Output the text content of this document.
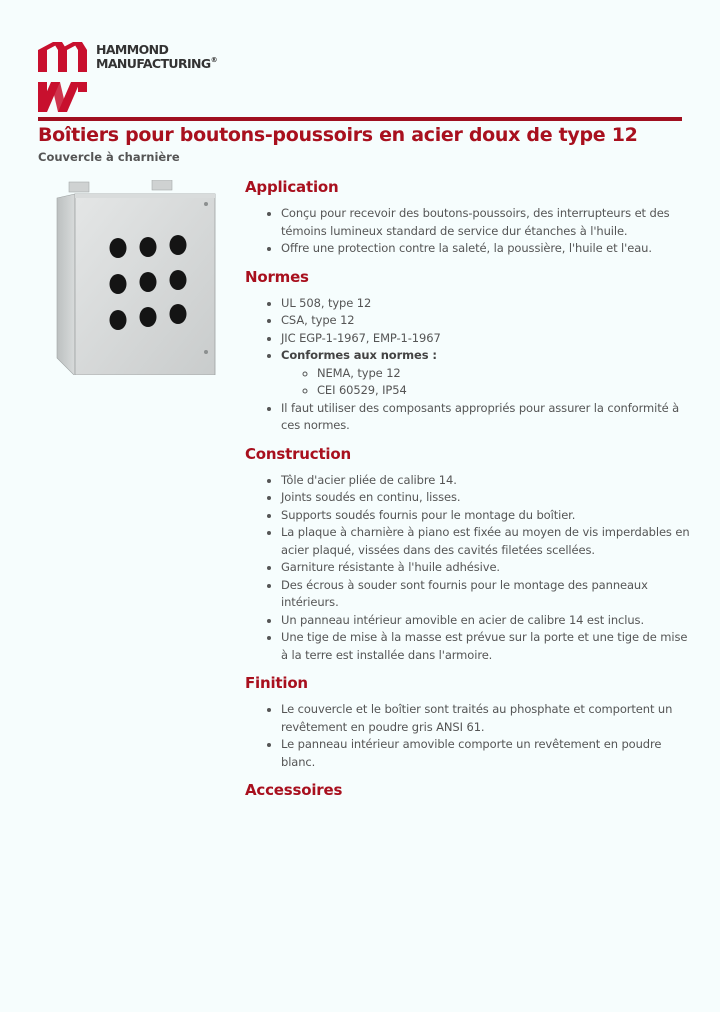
HAMMOND
MANUFACTURING®
Boîtiers pour boutons-poussoirs en acier doux de type 12

Couvercle à charnière

Application
• Conçu pour recevoir des boutons-poussoirs, des interrupteurs et des témoins lumineux standard de service dur étanches à l'huile.
• Offre une protection contre la saleté, la poussière, l'huile et l'eau.
Normes
• UL 508, type 12
• CSA, type 12
• JIC EGP-1-1967, EMP-1-1967
• Conformes aux normes :
◦ NEMA, type 12
◦ CEI 60529, IP54
• Il faut utiliser des composants appropriés pour assurer la conformité à ces normes.
Construction
• Tôle d'acier pliée de calibre 14.
• Joints soudés en continu, lisses.
• Supports soudés fournis pour le montage du boîtier.
• La plaque à charnière à piano est fixée au moyen de vis imperdables en acier plaqué, vissées dans des cavités filetées scellées.
• Garniture résistante à l'huile adhésive.
• Des écrous à souder sont fournis pour le montage des panneaux intérieurs.
• Un panneau intérieur amovible en acier de calibre 14 est inclus.
• Une tige de mise à la masse est prévue sur la porte et une tige de mise à la terre est installée dans l'armoire.
Finition
• Le couvercle et le boîtier sont traités au phosphate et comportent un revêtement en poudre gris ANSI 61.
• Le panneau intérieur amovible comporte un revêtement en poudre blanc.
Accessoires
